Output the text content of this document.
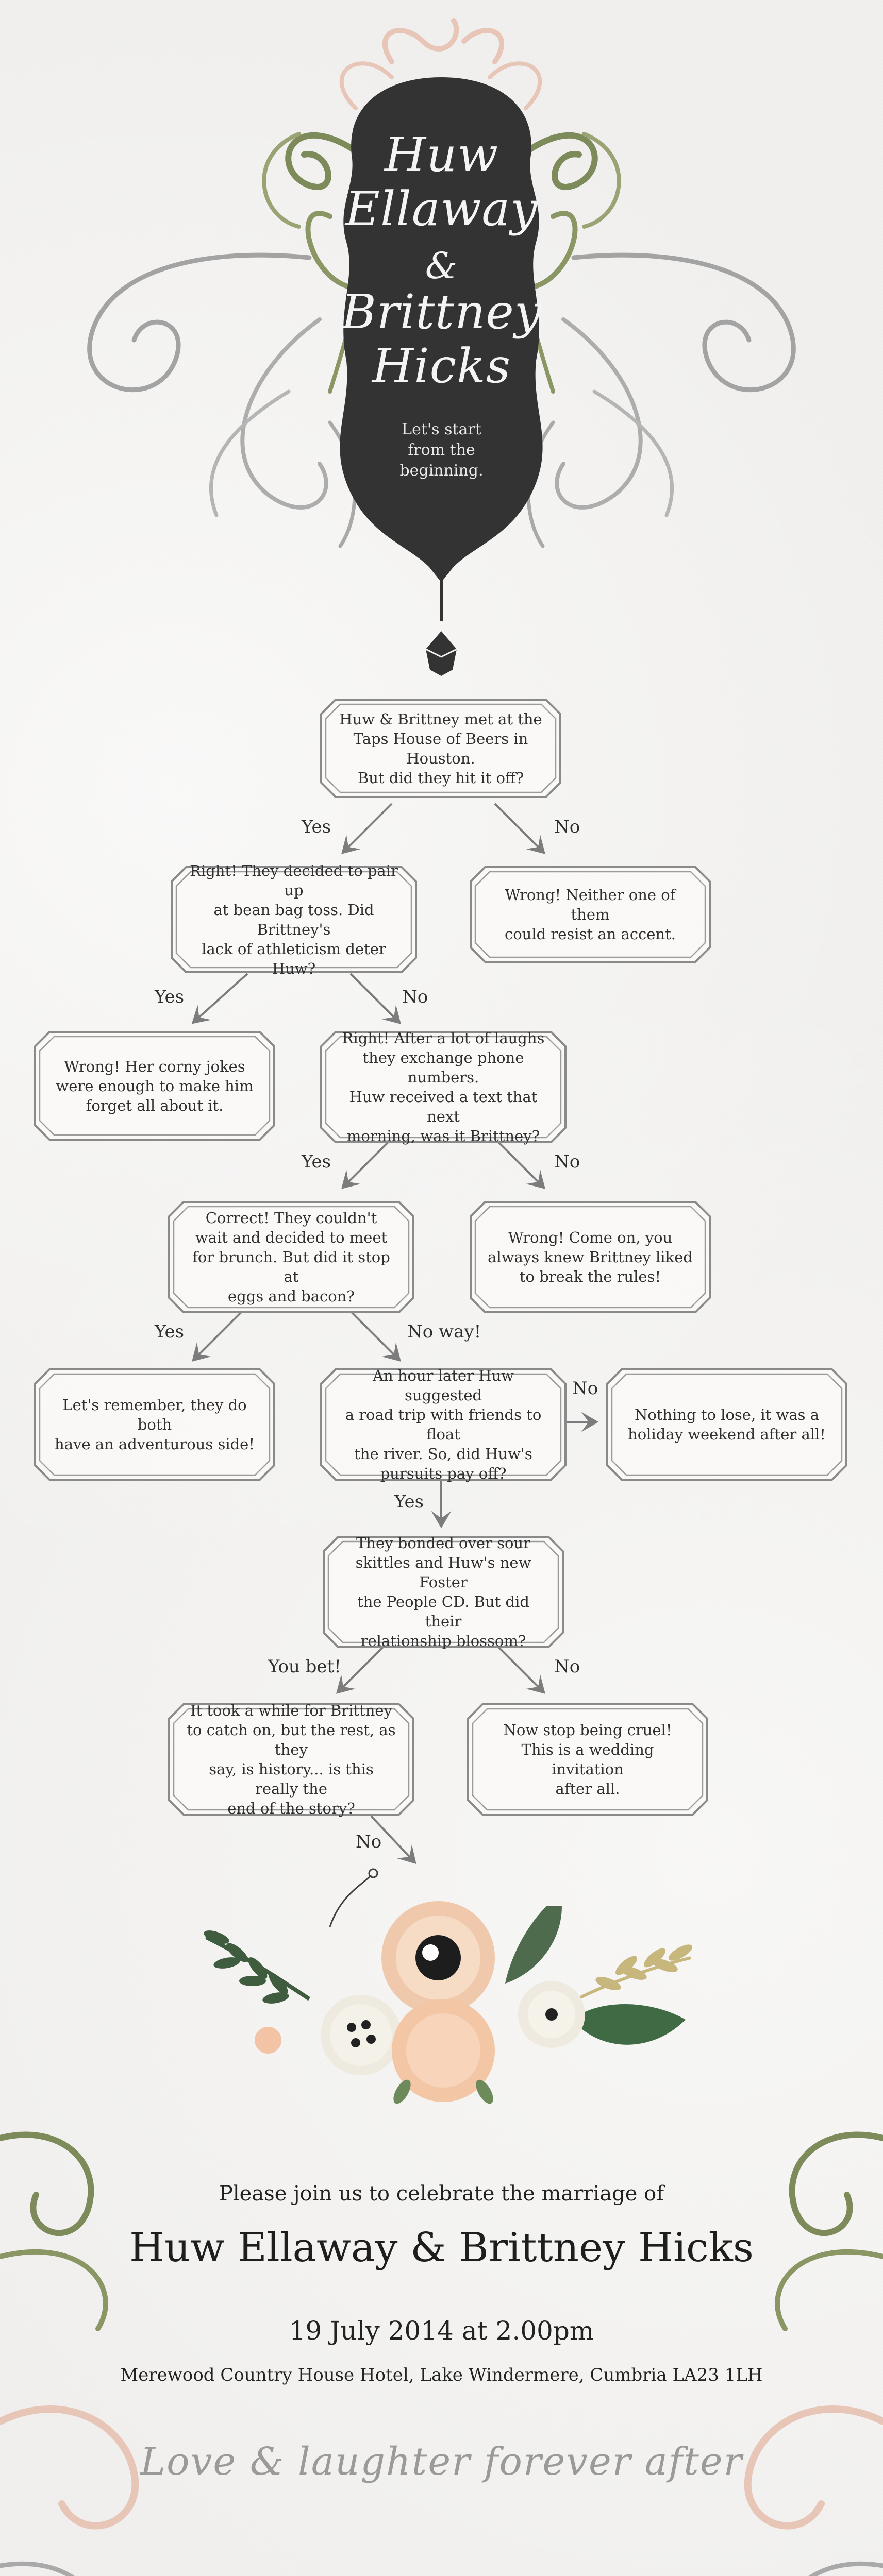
Huw
Ellaway
&
Brittney
Hicks
Let's start
from the
beginning.
Huw & Brittney met at the
Taps House of Beers in Houston.
But did they hit it off?
Right! They decided to pair up
at bean bag toss. Did Brittney's
lack of athleticism deter Huw?
Wrong! Neither one of them
could resist an accent.
Wrong! Her corny jokes
were enough to make him
forget all about it.
Right! After a lot of laughs
they exchange phone numbers.
Huw received a text that next
morning, was it Brittney?
Correct! They couldn't
wait and decided to meet
for brunch. But did it stop at
eggs and bacon?
Wrong! Come on, you
always knew Brittney liked
to break the rules!
Let's remember, they do both
have an adventurous side!
An hour later Huw suggested
a road trip with friends to float
the river. So, did Huw's
pursuits pay off?
Nothing to lose, it was a
holiday weekend after all!
They bonded over sour
skittles and Huw's new Foster
the People CD. But did their
relationship blossom?
It took a while for Brittney
to catch on, but the rest, as they
say, is history... is this really the
end of the story?
Now stop being cruel!
This is a wedding invitation
after all.
Yes	No
Yes	No
Yes	No
Yes	No way!
No
Yes
You bet!	No
No
Please join us to celebrate the marriage of
Huw Ellaway & Brittney Hicks
19 July 2014 at 2.00pm
Merewood Country House Hotel, Lake Windermere, Cumbria LA23 1LH
Love & laughter forever after
